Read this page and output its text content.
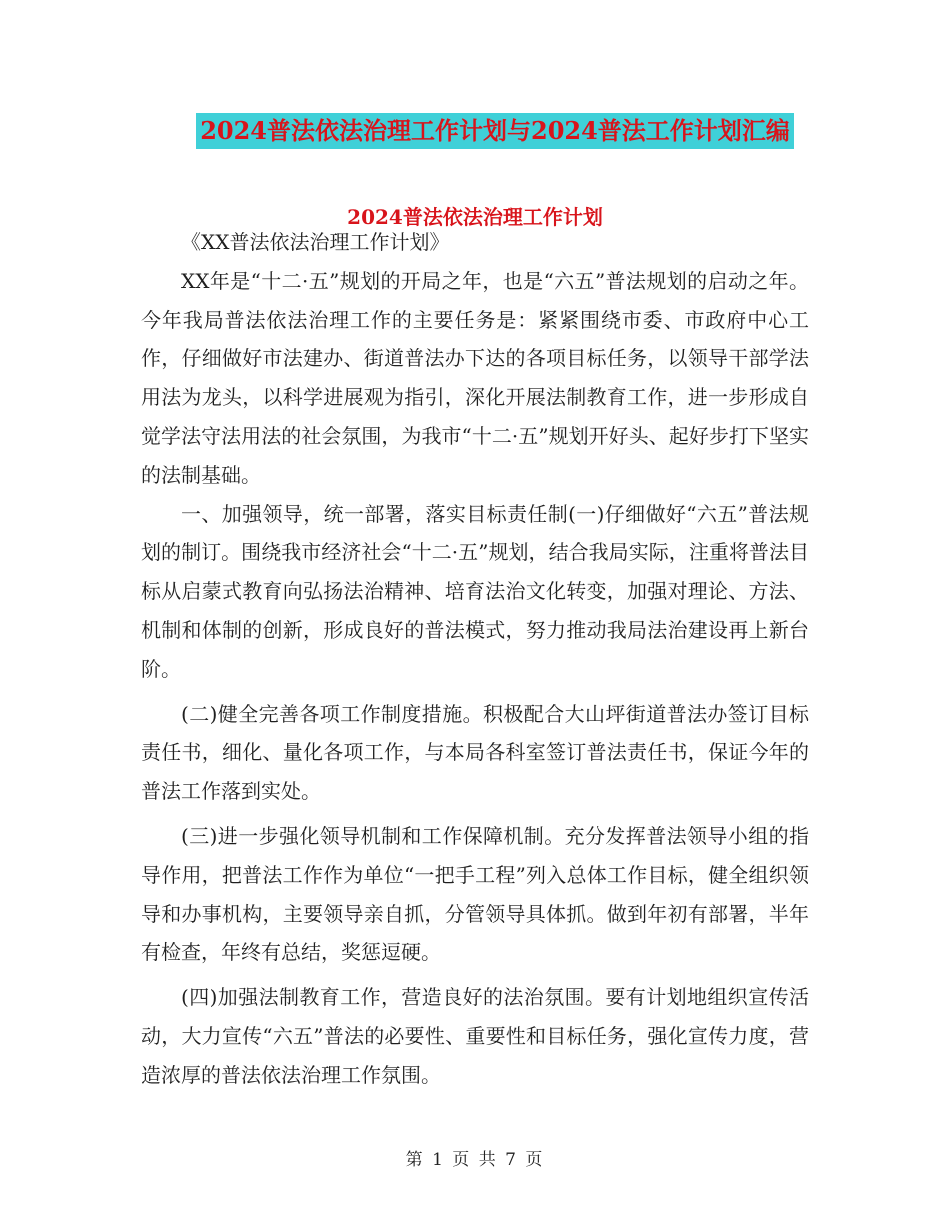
2024普法依法治理工作计划与2024普法工作计划汇编
2024普法依法治理工作计划

《XX普法依法治理工作计划》

XX年是“十二·五”规划的开局之年，也是“六五”普法规划的启动之年。今年我局普法依法治理工作的主要任务是：紧紧围绕市委、市政府中心工作，仔细做好市法建办、街道普法办下达的各项目标任务，以领导干部学法用法为龙头，以科学进展观为指引，深化开展法制教育工作，进一步形成自觉学法守法用法的社会氛围，为我市“十二·五”规划开好头、起好步打下坚实的法制基础。

一、加强领导，统一部署，落实目标责任制(一)仔细做好“六五”普法规划的制订。围绕我市经济社会“十二·五”规划，结合我局实际，注重将普法目标从启蒙式教育向弘扬法治精神、培育法治文化转变，加强对理论、方法、机制和体制的创新，形成良好的普法模式，努力推动我局法治建设再上新台阶。

(二)健全完善各项工作制度措施。积极配合大山坪街道普法办签订目标责任书，细化、量化各项工作，与本局各科室签订普法责任书，保证今年的普法工作落到实处。

(三)进一步强化领导机制和工作保障机制。充分发挥普法领导小组的指导作用，把普法工作作为单位“一把手工程”列入总体工作目标，健全组织领导和办事机构，主要领导亲自抓，分管领导具体抓。做到年初有部署，半年有检查，年终有总结，奖惩逗硬。

(四)加强法制教育工作，营造良好的法治氛围。要有计划地组织宣传活动，大力宣传“六五”普法的必要性、重要性和目标任务，强化宣传力度，营造浓厚的普法依法治理工作氛围。

第 1 页 共 7 页
